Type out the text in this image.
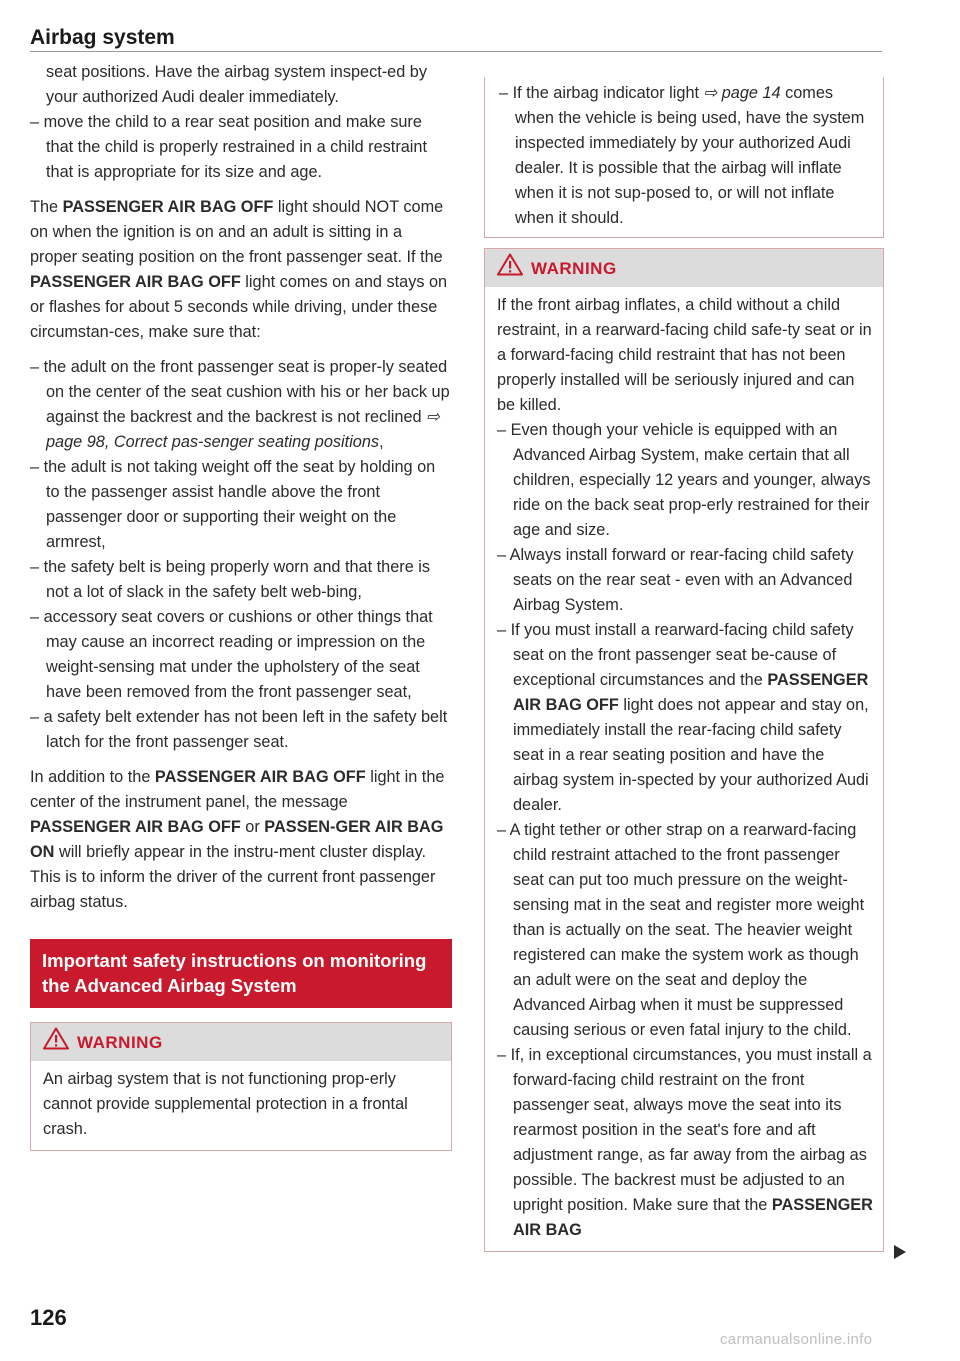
Airbag system

seat positions. Have the airbag system inspect-ed by your authorized Audi dealer immediately.

– move the child to a rear seat position and make sure that the child is properly restrained in a child restraint that is appropriate for its size and age.

The PASSENGER AIR BAG OFF light should NOT come on when the ignition is on and an adult is sitting in a proper seating position on the front passenger seat. If the PASSENGER AIR BAG OFF light comes on and stays on or flashes for about 5 seconds while driving, under these circumstan-ces, make sure that:

– the adult on the front passenger seat is proper-ly seated on the center of the seat cushion with his or her back up against the backrest and the backrest is not reclined ⇨ page 98, Correct pas-senger seating positions,

– the adult is not taking weight off the seat by holding on to the passenger assist handle above the front passenger door or supporting their weight on the armrest,

– the safety belt is being properly worn and that there is not a lot of slack in the safety belt web-bing,

– accessory seat covers or cushions or other things that may cause an incorrect reading or impression on the weight-sensing mat under the upholstery of the seat have been removed from the front passenger seat,

– a safety belt extender has not been left in the safety belt latch for the front passenger seat.

In addition to the PASSENGER AIR BAG OFF light in the center of the instrument panel, the message PASSENGER AIR BAG OFF or PASSEN-GER AIR BAG ON will briefly appear in the instru-ment cluster display. This is to inform the driver of the current front passenger airbag status.

Important safety instructions on monitoring the Advanced Airbag System
WARNING
An airbag system that is not functioning prop-erly cannot provide supplemental protection in a frontal crash.

– If the airbag indicator light ⇨ page 14 comes when the vehicle is being used, have the system inspected immediately by your authorized Audi dealer. It is possible that the airbag will inflate when it is not sup-posed to, or will not inflate when it should.

WARNING

If the front airbag inflates, a child without a child restraint, in a rearward-facing child safe-ty seat or in a forward-facing child restraint that has not been properly installed will be seriously injured and can be killed.

– Even though your vehicle is equipped with an Advanced Airbag System, make certain that all children, especially 12 years and younger, always ride on the back seat prop-erly restrained for their age and size.

– Always install forward or rear-facing child safety seats on the rear seat - even with an Advanced Airbag System.

– If you must install a rearward-facing child safety seat on the front passenger seat be-cause of exceptional circumstances and the PASSENGER AIR BAG OFF light does not appear and stay on, immediately install the rear-facing child safety seat in a rear seating position and have the airbag system in-spected by your authorized Audi dealer.

– A tight tether or other strap on a rearward-facing child restraint attached to the front passenger seat can put too much pressure on the weight-sensing mat in the seat and register more weight than is actually on the seat. The heavier weight registered can make the system work as though an adult were on the seat and deploy the Advanced Airbag when it must be suppressed causing serious or even fatal injury to the child.

– If, in exceptional circumstances, you must install a forward-facing child restraint on the front passenger seat, always move the seat into its rearmost position in the seat's fore and aft adjustment range, as far away from the airbag as possible. The backrest must be adjusted to an upright position. Make sure that the PASSENGER AIR BAG

126
carmanualsonline.info
